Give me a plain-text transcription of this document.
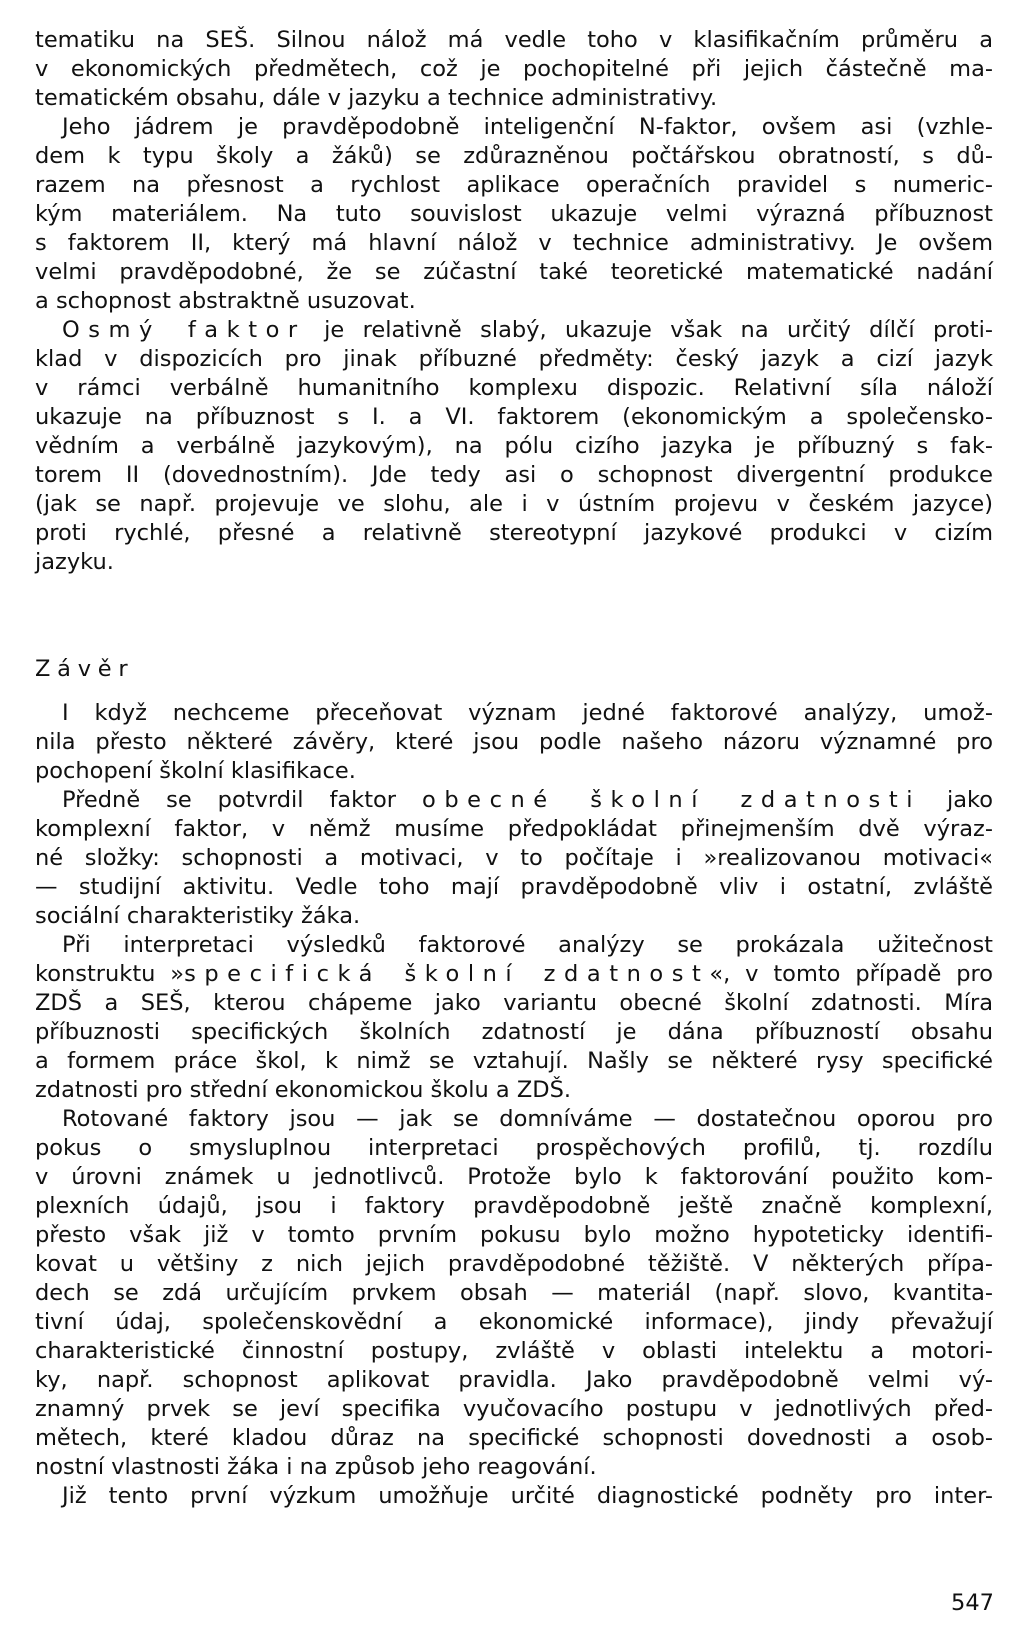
tematiku na SEŠ. Silnou nálož má vedle toho v klasifikačním průměru a
v ekonomických předmětech, což je pochopitelné při jejich částečně ma-
tematickém obsahu, dále v jazyku a technice administrativy.
Jeho jádrem je pravděpodobně inteligenční N-faktor, ovšem asi (vzhle-
dem k typu školy a žáků) se zdůrazněnou počtářskou obratností, s dů-
razem na přesnost a rychlost aplikace operačních pravidel s numeric-
kým materiálem. Na tuto souvislost ukazuje velmi výrazná příbuznost
s faktorem II, který má hlavní nálož v technice administrativy. Je ovšem
velmi pravděpodobné, že se zúčastní také teoretické matematické nadání
a schopnost abstraktně usuzovat.
Osmý faktor je relativně slabý, ukazuje však na určitý dílčí proti-
klad v dispozicích pro jinak příbuzné předměty: český jazyk a cizí jazyk
v rámci verbálně humanitního komplexu dispozic. Relativní síla náloží
ukazuje na příbuznost s I. a VI. faktorem (ekonomickým a společensko-
vědním a verbálně jazykovým), na pólu cizího jazyka je příbuzný s fak-
torem II (dovednostním). Jde tedy asi o schopnost divergentní produkce
(jak se např. projevuje ve slohu, ale i v ústním projevu v českém jazyce)
proti rychlé, přesné a relativně stereotypní jazykové produkci v cizím
jazyku.
Závěr
I když nechceme přeceňovat význam jedné faktorové analýzy, umož-
nila přesto některé závěry, které jsou podle našeho názoru významné pro
pochopení školní klasifikace.
Předně se potvrdil faktor obecné školní zdatnosti jako
komplexní faktor, v němž musíme předpokládat přinejmenším dvě výraz-
né složky: schopnosti a motivaci, v to počítaje i »realizovanou motivaci«
— studijní aktivitu. Vedle toho mají pravděpodobně vliv i ostatní, zvláště
sociální charakteristiky žáka.
Při interpretaci výsledků faktorové analýzy se prokázala užitečnost
konstruktu »specifická školní zdatnost«, v tomto případě pro
ZDŠ a SEŠ, kterou chápeme jako variantu obecné školní zdatnosti. Míra
příbuznosti specifických školních zdatností je dána příbuzností obsahu
a formem práce škol, k nimž se vztahují. Našly se některé rysy specifické
zdatnosti pro střední ekonomickou školu a ZDŠ.
Rotované faktory jsou — jak se domníváme — dostatečnou oporou pro
pokus o smysluplnou interpretaci prospěchových profilů, tj. rozdílu
v úrovni známek u jednotlivců. Protože bylo k faktorování použito kom-
plexních údajů, jsou i faktory pravděpodobně ještě značně komplexní,
přesto však již v tomto prvním pokusu bylo možno hypoteticky identifi-
kovat u většiny z nich jejich pravděpodobné těžiště. V některých přípa-
dech se zdá určujícím prvkem obsah — materiál (např. slovo, kvantita-
tivní údaj, společenskovědní a ekonomické informace), jindy převažují
charakteristické činnostní postupy, zvláště v oblasti intelektu a motori-
ky, např. schopnost aplikovat pravidla. Jako pravděpodobně velmi vý-
znamný prvek se jeví specifika vyučovacího postupu v jednotlivých před-
mětech, které kladou důraz na specifické schopnosti dovednosti a osob-
nostní vlastnosti žáka i na způsob jeho reagování.
Již tento první výzkum umožňuje určité diagnostické podněty pro inter-
547
